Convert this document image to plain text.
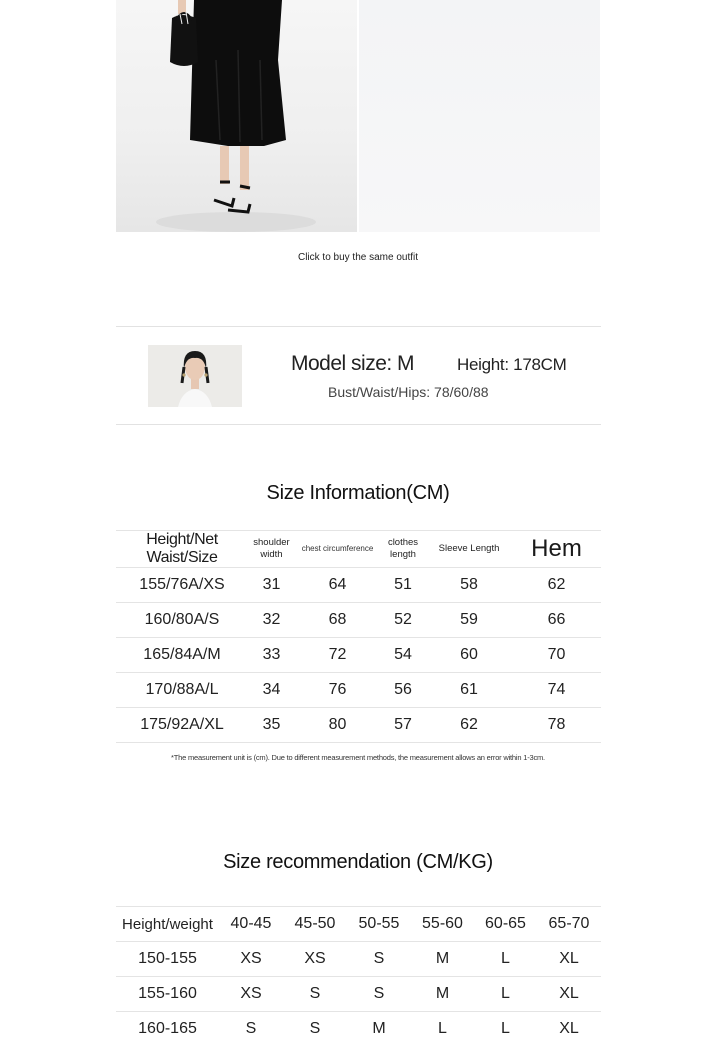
Click to buy the same outfit
Model size: M	Height: 178CM
Bust/Waist/Hips: 78/60/88
Size Information(CM)
Height/Net Waist/Size	shoulder width	chest circumference	clothes length	Sleeve Length	Hem
155/76A/XS	31	64	51	58	62
160/80A/S	32	68	52	59	66
165/84A/M	33	72	54	60	70
170/88A/L	34	76	56	61	74
175/92A/XL	35	80	57	62	78
*The measurement unit is (cm). Due to different measurement methods, the measurement allows an error within 1-3cm.
Size recommendation (CM/KG)
Height/weight	40-45	45-50	50-55	55-60	60-65	65-70
150-155	XS	XS	S	M	L	XL
155-160	XS	S	S	M	L	XL
160-165	S	S	M	L	L	XL
